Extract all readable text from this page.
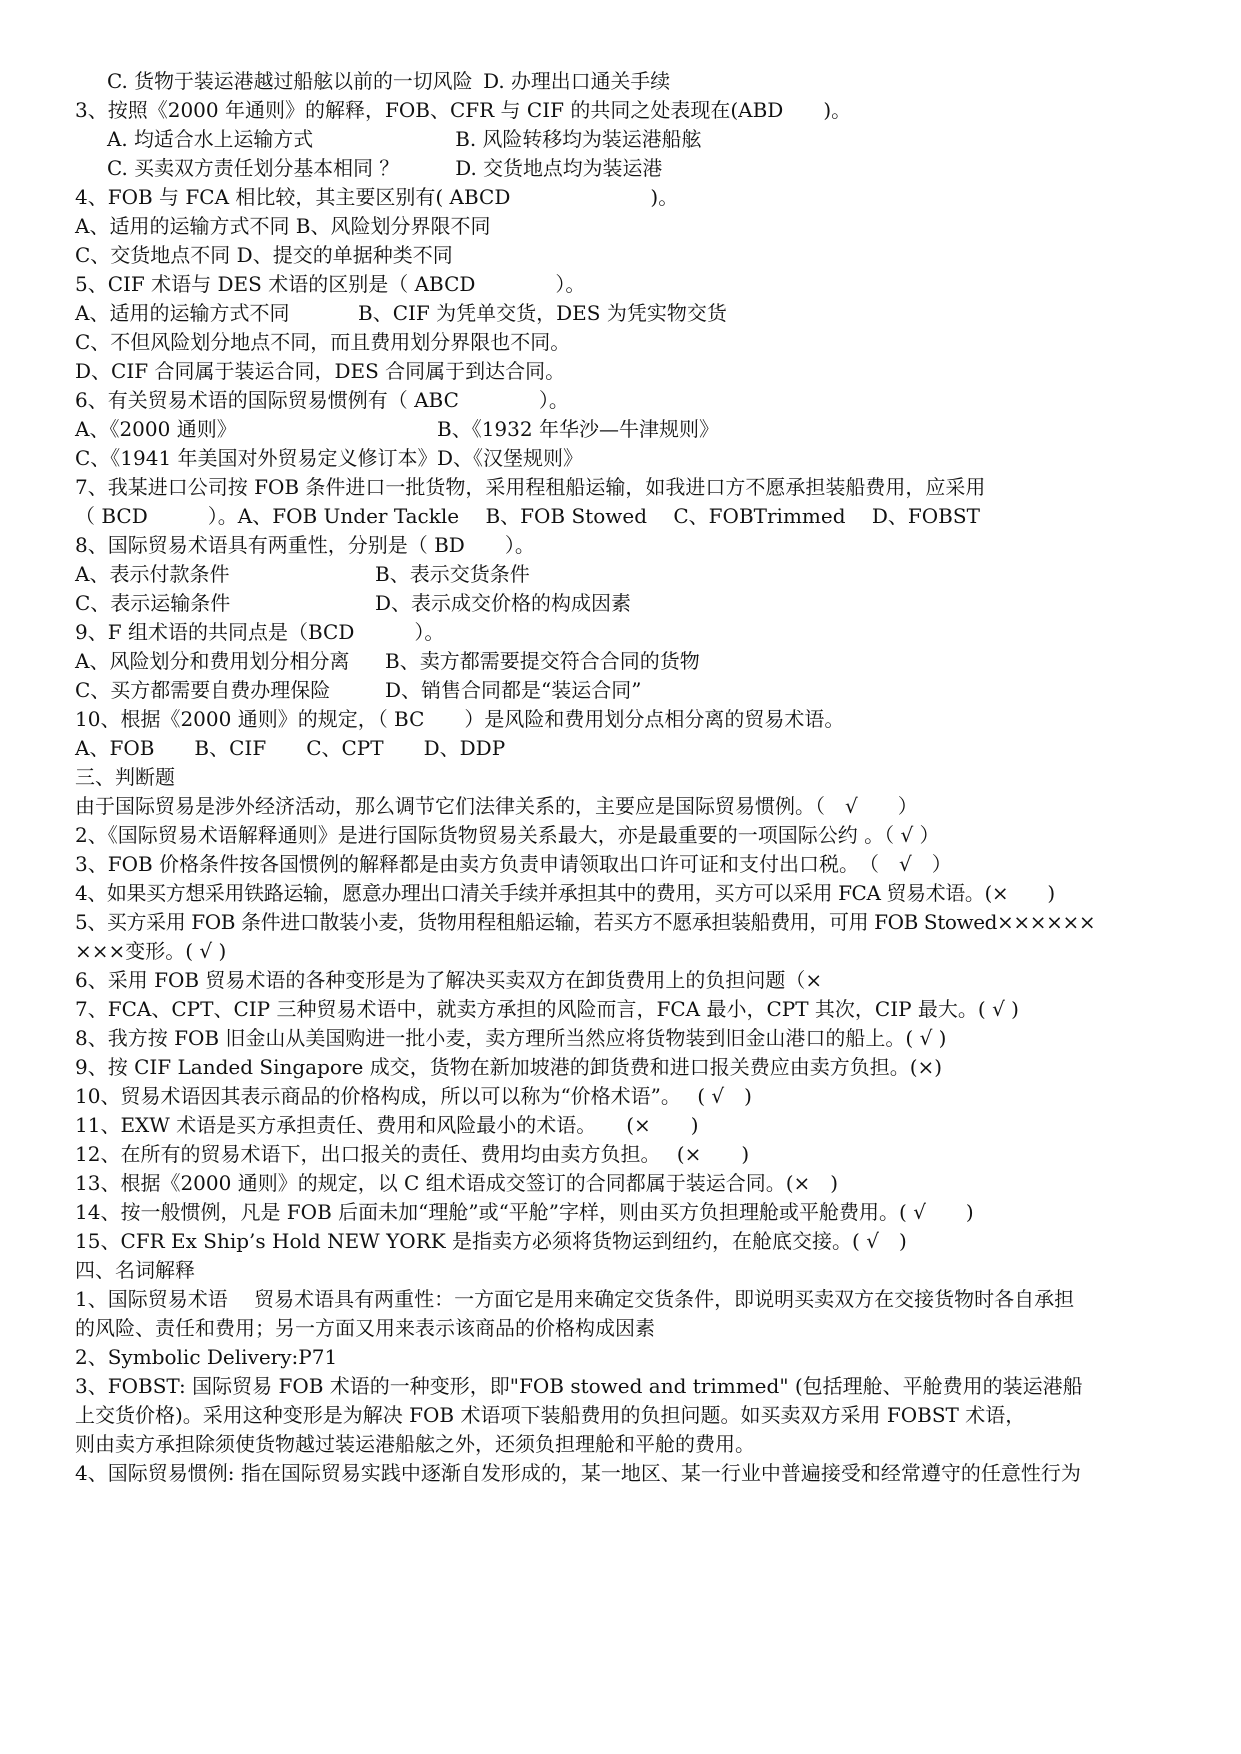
C. 货物于装运港越过船舷以前的一切风险 D. 办理出口通关手续
3、按照《2000 年通则》的解释，FOB、CFR 与 CIF 的共同之处表现在(ABD　　)。
A. 均适合水上运输方式	B. 风险转移均为装运港船舷
C. 买卖双方责任划分基本相同 ？	D. 交货地点均为装运港
4、FOB 与 FCA 相比较，其主要区别有( ABCD　　　　　　　)。
A、适用的运输方式不同 B、风险划分界限不同
C、交货地点不同 D、提交的单据种类不同
5、CIF 术语与 DES 术语的区别是（ ABCD　　　　）。
A、适用的运输方式不同	B、CIF 为凭单交货，DES 为凭实物交货
C、不但风险划分地点不同，而且费用划分界限也不同。
D、CIF 合同属于装运合同，DES 合同属于到达合同。
6、有关贸易术语的国际贸易惯例有（ ABC　　　　）。
A、《2000 通则》	B、《1932 年华沙—牛津规则》
C、《1941 年美国对外贸易定义修订本》 D、《汉堡规则》
7、我某进口公司按 FOB 条件进口一批货物，采用程租船运输，如我进口方不愿承担装船费用，应采用
（ BCD　　　）。A、FOB Under Tackle　 B、FOB Stowed　 C、FOBTrimmed　 D、FOBST
8、国际贸易术语具有两重性，分别是（ BD　　）。
A、表示付款条件	B、表示交货条件
C、表示运输条件	D、表示成交价格的构成因素
9、F 组术语的共同点是（BCD　　　）。
A、风险划分和费用划分相分离 B、卖方都需要提交符合合同的货物
C、买方都需要自费办理保险	D、销售合同都是“装运合同”
10、根据《2000 通则》的规定，（ BC　　）是风险和费用划分点相分离的贸易术语。
A、FOB　　B、CIF　　C、CPT　　D、DDP
三、判断题
由于国际贸易是涉外经济活动，那么调节它们法律关系的，主要应是国际贸易惯例。（　√　　）
2、《国际贸易术语解释通则》是进行国际货物贸易关系最大，亦是最重要的一项国际公约 。（ √ ）
3、FOB 价格条件按各国惯例的解释都是由卖方负责申请领取出口许可证和支付出口税。　（　√　）
4、如果买方想采用铁路运输，愿意办理出口清关手续并承担其中的费用，买方可以采用 FCA 贸易术语。(×　　)
5、买方采用 FOB 条件进口散装小麦，货物用程租船运输，若买方不愿承担装船费用，可用 FOB Stowed××××××
×××变形。( √ )
6、采用 FOB 贸易术语的各种变形是为了解决买卖双方在卸货费用上的负担问题（×
7、FCA、CPT、CIP 三种贸易术语中，就卖方承担的风险而言，FCA 最小，CPT 其次，CIP 最大。( √ )
8、我方按 FOB 旧金山从美国购进一批小麦，卖方理所当然应将货物装到旧金山港口的船上。( √ )
9、按 CIF Landed Singapore 成交，货物在新加坡港的卸货费和进口报关费应由卖方负担。(×)
10、贸易术语因其表示商品的价格构成，所以可以称为“价格术语”。　 ( √　)
11、EXW 术语是买方承担责任、费用和风险最小的术语。　　(×　　)
12、在所有的贸易术语下，出口报关的责任、费用均由卖方负担。　 (×　　)
13、根据《2000 通则》的规定，以 C 组术语成交签订的合同都属于装运合同。(×　)
14、按一般惯例，凡是 FOB 后面未加“理舱”或“平舱”字样，则由买方负担理舱或平舱费用。( √　　)
15、CFR Ex Ship’s Hold NEW YORK 是指卖方必须将货物运到纽约，在舱底交接。( √　)
四、名词解释
1、国际贸易术语　 贸易术语具有两重性：一方面它是用来确定交货条件，即说明买卖双方在交接货物时各自承担
的风险、责任和费用；另一方面又用来表示该商品的价格构成因素
2、Symbolic Delivery:P71
3、FOBST: 国际贸易 FOB 术语的一种变形，即"FOB stowed and trimmed" (包括理舱、平舱费用的装运港船
上交货价格)。采用这种变形是为解决 FOB 术语项下装船费用的负担问题。如买卖双方采用 FOBST 术语，
则由卖方承担除须使货物越过装运港船舷之外，还须负担理舱和平舱的费用。
4、国际贸易惯例: 指在国际贸易实践中逐渐自发形成的，某一地区、某一行业中普遍接受和经常遵守的任意性行为
